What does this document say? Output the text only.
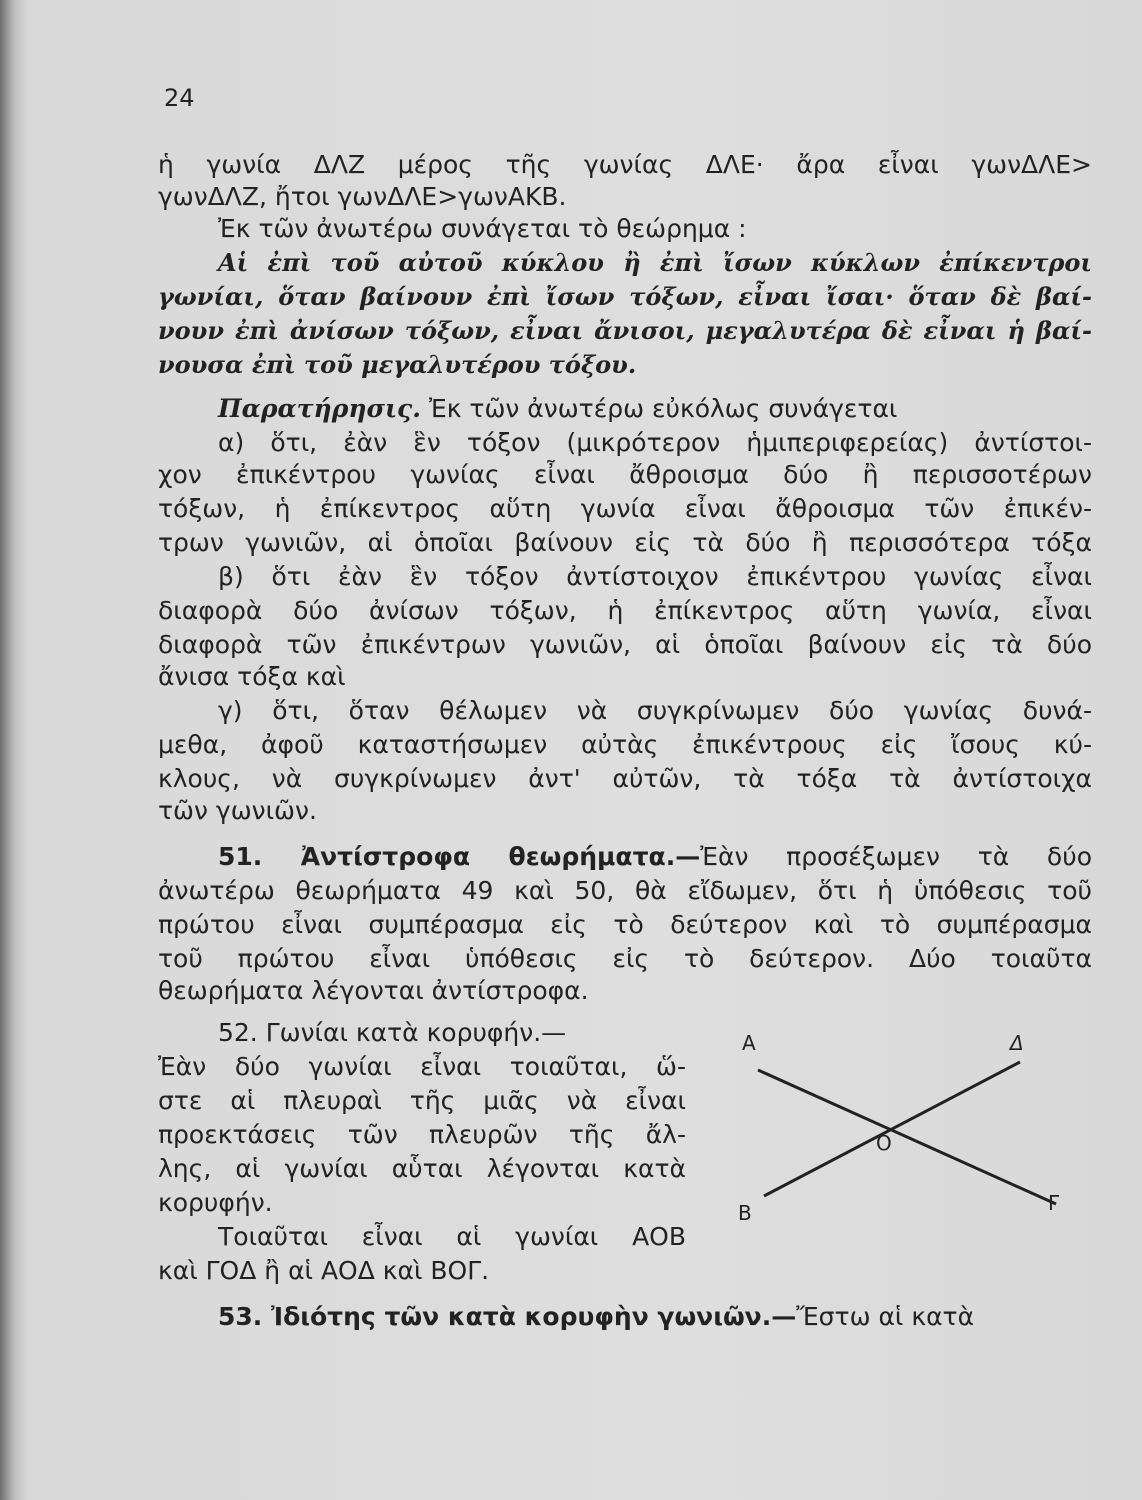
24
ἡ γωνία ΔΛΖ μέρος τῆς γωνίας ΔΛΕ· ἄρα εἶναι γωνΔΛΕ>
γωνΔΛΖ, ἤτοι γωνΔΛΕ>γωνΑΚΒ.
Ἐκ τῶν ἀνωτέρω συνάγεται τὸ θεώρημα :
Αἱ ἐπὶ τοῦ αὐτοῦ κύκλου ἢ ἐπὶ ἴσων κύκλων ἐπίκεντροι
γωνίαι, ὅταν βαίνουν ἐπὶ ἴσων τόξων, εἶναι ἴσαι· ὅταν δὲ βαί-
νουν ἐπὶ ἀνίσων τόξων, εἶναι ἄνισοι, μεγαλυτέρα δὲ εἶναι ἡ βαί-
νουσα ἐπὶ τοῦ μεγαλυτέρου τόξου.
Παρατήρησις. Ἐκ τῶν ἀνωτέρω εὐκόλως συνάγεται
α) ὅτι, ἐὰν ἓν τόξον (μικρότερον ἡμιπεριφερείας) ἀντίστοι-
χον ἐπικέντρου γωνίας εἶναι ἄθροισμα δύο ἢ περισσοτέρων
τόξων, ἡ ἐπίκεντρος αὕτη γωνία εἶναι ἄθροισμα τῶν ἐπικέν-
τρων γωνιῶν, αἱ ὁποῖαι βαίνουν εἰς τὰ δύο ἢ περισσότερα τόξα
β) ὅτι ἐὰν ἓν τόξον ἀντίστοιχον ἐπικέντρου γωνίας εἶναι
διαφορὰ δύο ἀνίσων τόξων, ἡ ἐπίκεντρος αὕτη γωνία, εἶναι
διαφορὰ τῶν ἐπικέντρων γωνιῶν, αἱ ὁποῖαι βαίνουν εἰς τὰ δύο
ἄνισα τόξα καὶ
γ) ὅτι, ὅταν θέλωμεν νὰ συγκρίνωμεν δύο γωνίας δυνά-
μεθα, ἀφοῦ καταστήσωμεν αὐτὰς ἐπικέντρους εἰς ἴσους κύ-
κλους, νὰ συγκρίνωμεν ἀντ' αὐτῶν, τὰ τόξα τὰ ἀντίστοιχα
τῶν γωνιῶν.
51. Ἀντίστροφα θεωρήματα.—Ἐὰν προσέξωμεν τὰ δύο
ἀνωτέρω θεωρήματα 49 καὶ 50, θὰ εἴδωμεν, ὅτι ἡ ὑπόθεσις τοῦ
πρώτου εἶναι συμπέρασμα εἰς τὸ δεύτερον καὶ τὸ συμπέρασμα
τοῦ πρώτου εἶναι ὑπόθεσις εἰς τὸ δεύτερον. Δύο τοιαῦτα
θεωρήματα λέγονται ἀντίστροφα.
52. Γωνίαι κατὰ κορυφήν.—
Ἐὰν δύο γωνίαι εἶναι τοιαῦται, ὥ-
στε αἱ πλευραὶ τῆς μιᾶς νὰ εἶναι
προεκτάσεις τῶν πλευρῶν τῆς ἄλ-
λης, αἱ γωνίαι αὗται λέγονται κατὰ
κορυφήν.
Τοιαῦται εἶναι αἱ γωνίαι ΑΟΒ
καὶ ΓΟΔ ἢ αἱ ΑΟΔ καὶ ΒΟΓ.
53. Ἰδιότης τῶν κατὰ κορυφὴν γωνιῶν.—Ἔστω αἱ κατὰ
Α	Δ
Ο
Β	Γ
